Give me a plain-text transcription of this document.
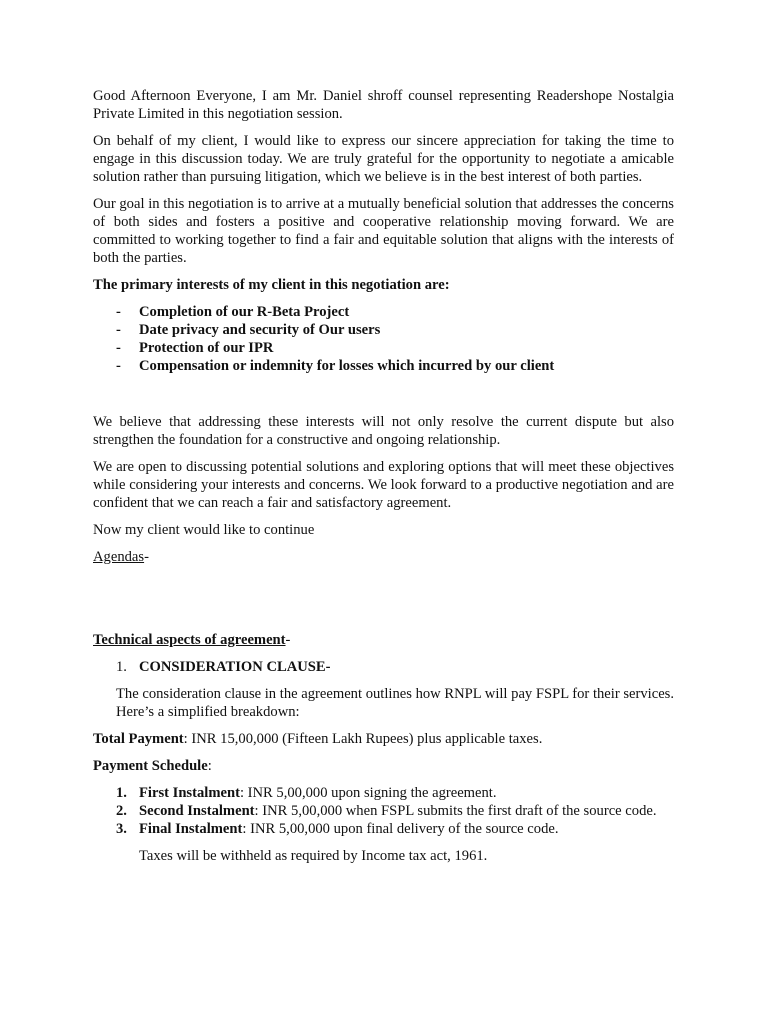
Good Afternoon Everyone, I am Mr. Daniel shroff counsel representing Readershope Nostalgia Private Limited in this negotiation session.

On behalf of my client, I would like to express our sincere appreciation for taking the time to engage in this discussion today. We are truly grateful for the opportunity to negotiate a amicable solution rather than pursuing litigation, which we believe is in the best interest of both parties.

Our goal in this negotiation is to arrive at a mutually beneficial solution that addresses the concerns of both sides and fosters a positive and cooperative relationship moving forward. We are committed to working together to find a fair and equitable solution that aligns with the interests of both the parties.

The primary interests of my client in this negotiation are:

- Completion of our R-Beta Project
- Date privacy and security of Our users
- Protection of our IPR
- Compensation or indemnity for losses which incurred by our client

We believe that addressing these interests will not only resolve the current dispute but also strengthen the foundation for a constructive and ongoing relationship.

We are open to discussing potential solutions and exploring options that will meet these objectives while considering your interests and concerns. We look forward to a productive negotiation and are confident that we can reach a fair and satisfactory agreement.

Now my client would like to continue

Agendas-

Technical aspects of agreement-

1. CONSIDERATION CLAUSE-

The consideration clause in the agreement outlines how RNPL will pay FSPL for their services. Here’s a simplified breakdown:

Total Payment: INR 15,00,000 (Fifteen Lakh Rupees) plus applicable taxes.

Payment Schedule:

1. First Instalment: INR 5,00,000 upon signing the agreement.
2. Second Instalment: INR 5,00,000 when FSPL submits the first draft of the source code.
3. Final Instalment: INR 5,00,000 upon final delivery of the source code.

Taxes will be withheld as required by Income tax act, 1961.
